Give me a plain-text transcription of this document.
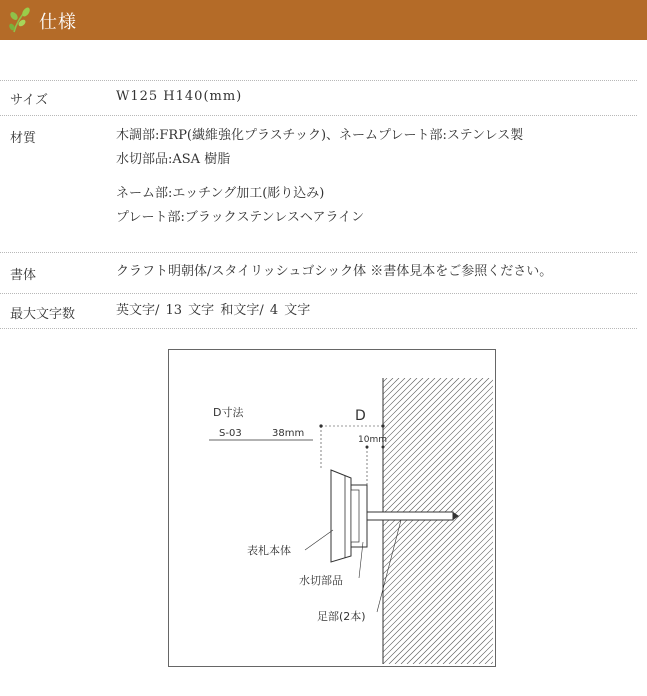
仕様
サイズ	W125 H140(mm)
材質	木調部:FRP(繊維強化プラスチック)、ネームプレート部:ステンレス製
水切部品:ASA 樹脂
ネーム部:エッチング加工(彫り込み)
プレート部:ブラックステンレスヘアライン
書体	クラフト明朝体/スタイリッシュゴシック体 ※書体見本をご参照ください。
最大文字数	英文字/ 13 文字 和文字/ 4 文字
D寸法
S-03	38mm
D
10mm
表札本体
水切部品
足部(2本)
